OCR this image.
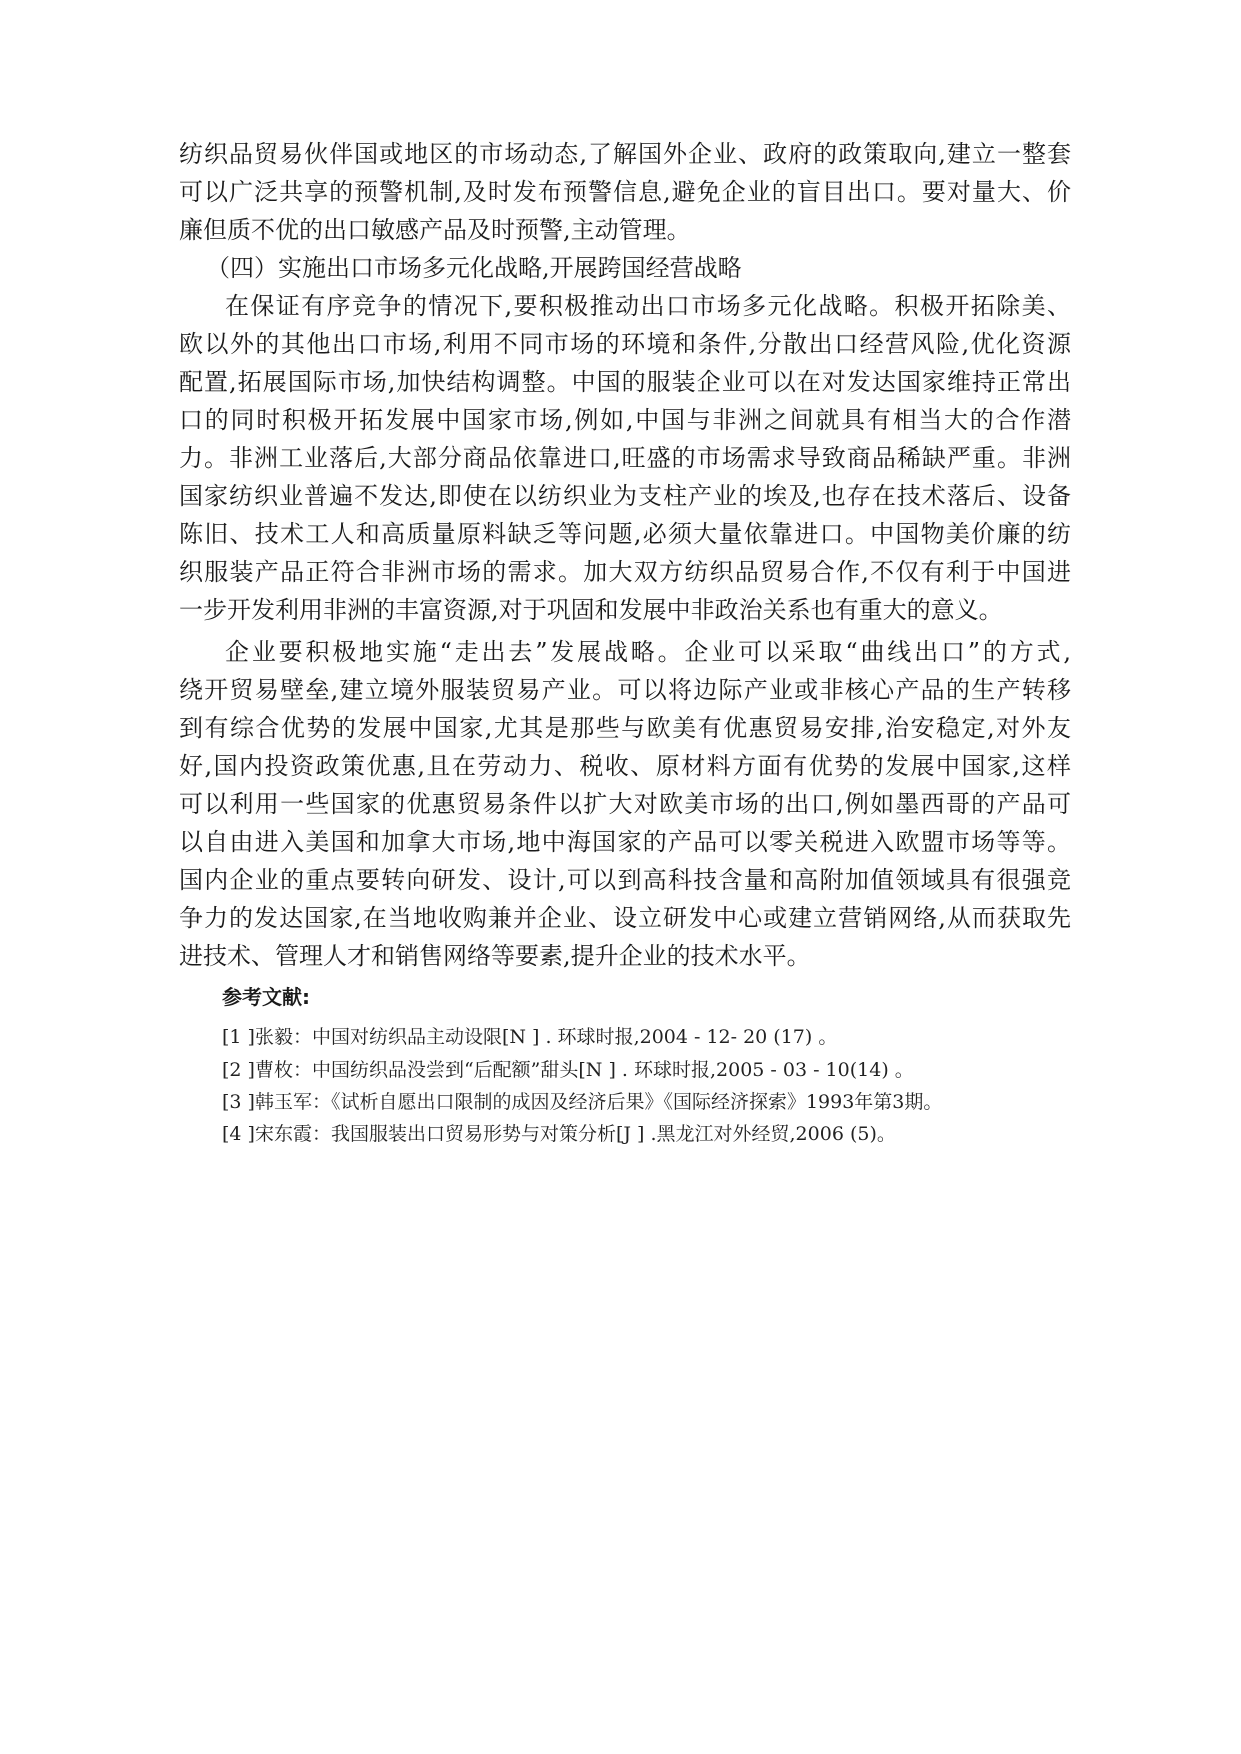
纺织品贸易伙伴国或地区的市场动态,了解国外企业、政府的政策取向,建立一整套
可以广泛共享的预警机制,及时发布预警信息,避免企业的盲目出口。要对量大、价
廉但质不优的出口敏感产品及时预警,主动管理。
（四）实施出口市场多元化战略,开展跨国经营战略
在保证有序竞争的情况下,要积极推动出口市场多元化战略。积极开拓除美、
欧以外的其他出口市场,利用不同市场的环境和条件,分散出口经营风险,优化资源
配置,拓展国际市场,加快结构调整。中国的服装企业可以在对发达国家维持正常出
口的同时积极开拓发展中国家市场,例如,中国与非洲之间就具有相当大的合作潜
力。非洲工业落后,大部分商品依靠进口,旺盛的市场需求导致商品稀缺严重。非洲
国家纺织业普遍不发达,即使在以纺织业为支柱产业的埃及,也存在技术落后、设备
陈旧、技术工人和高质量原料缺乏等问题,必须大量依靠进口。中国物美价廉的纺
织服装产品正符合非洲市场的需求。加大双方纺织品贸易合作,不仅有利于中国进
一步开发利用非洲的丰富资源,对于巩固和发展中非政治关系也有重大的意义。
企业要积极地实施“走出去”发展战略。企业可以采取“曲线出口”的方式,
绕开贸易壁垒,建立境外服装贸易产业。可以将边际产业或非核心产品的生产转移
到有综合优势的发展中国家,尤其是那些与欧美有优惠贸易安排,治安稳定,对外友
好,国内投资政策优惠,且在劳动力、税收、原材料方面有优势的发展中国家,这样
可以利用一些国家的优惠贸易条件以扩大对欧美市场的出口,例如墨西哥的产品可
以自由进入美国和加拿大市场,地中海国家的产品可以零关税进入欧盟市场等等。
国内企业的重点要转向研发、设计,可以到高科技含量和高附加值领域具有很强竞
争力的发达国家,在当地收购兼并企业、设立研发中心或建立营销网络,从而获取先
进技术、管理人才和销售网络等要素,提升企业的技术水平。
参考文献:
[1 ]张毅：中国对纺织品主动设限[N ] . 环球时报,2004 - 12- 20 (17) 。
[2 ]曹枚：中国纺织品没尝到“后配额”甜头[N ] . 环球时报,2005 - 03 - 10(14) 。
[3 ]韩玉军：《试析自愿出口限制的成因及经济后果》《国际经济探索》1993年第3期。
[4 ]宋东霞：我国服装出口贸易形势与对策分析[J ] .黑龙江对外经贸,2006 (5)。
